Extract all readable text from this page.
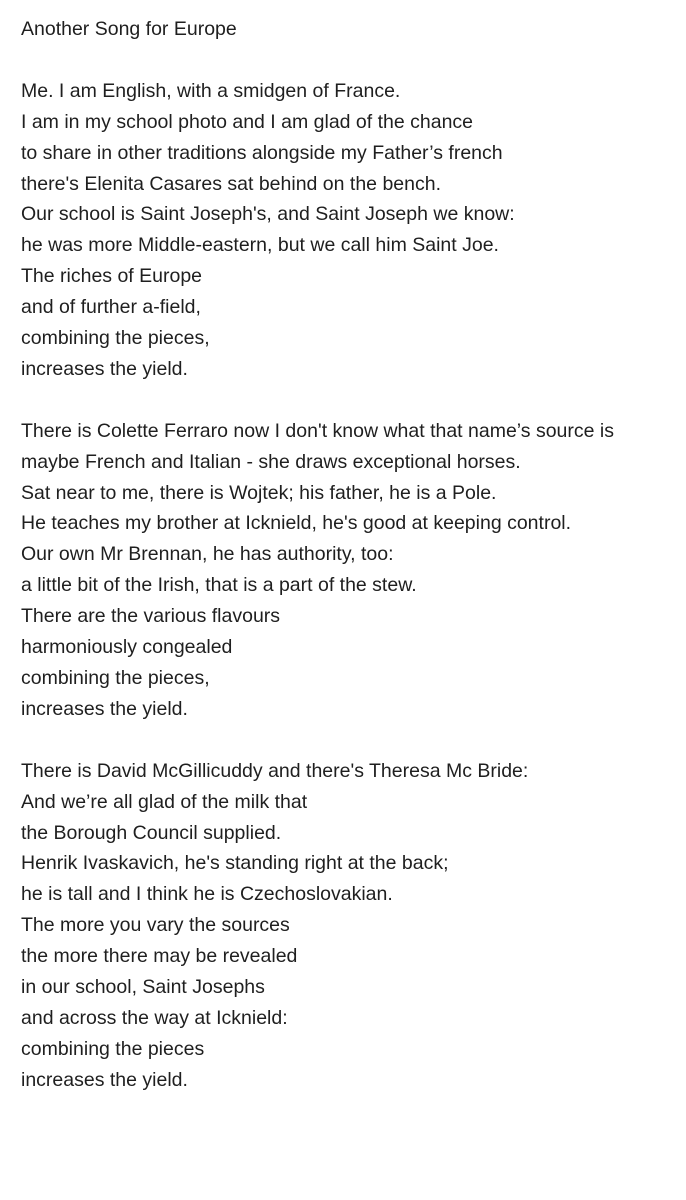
Another Song for Europe
Me. I am English, with a smidgen of France.
I am in my school photo and I am glad of the chance
to share in other traditions alongside my Father’s french
there's Elenita Casares sat behind on the bench.
Our school is Saint Joseph's, and Saint Joseph we know:
he was more Middle-eastern, but we call him Saint Joe.
The riches of Europe
and of further a-field,
combining the pieces,
increases the yield.
There is Colette Ferraro now I don't know what that name’s source is
maybe French and Italian - she draws exceptional horses.
Sat near to me, there is Wojtek; his father, he is a Pole.
He teaches my brother at Icknield, he's good at keeping control.
Our own Mr Brennan, he has authority, too:
a little bit of the Irish, that is a part of the stew.
There are the various flavours
harmoniously congealed
combining the pieces,
increases the yield.
There is David McGillicuddy and there's Theresa Mc Bride:
And we’re all glad of the milk that
the Borough Council supplied.
Henrik Ivaskavich, he's standing right at the back;
he is tall and I think he is Czechoslovakian.
The more you vary the sources
the more there may be revealed
in our school, Saint Josephs
and across the way at Icknield:
combining the pieces
increases the yield.
